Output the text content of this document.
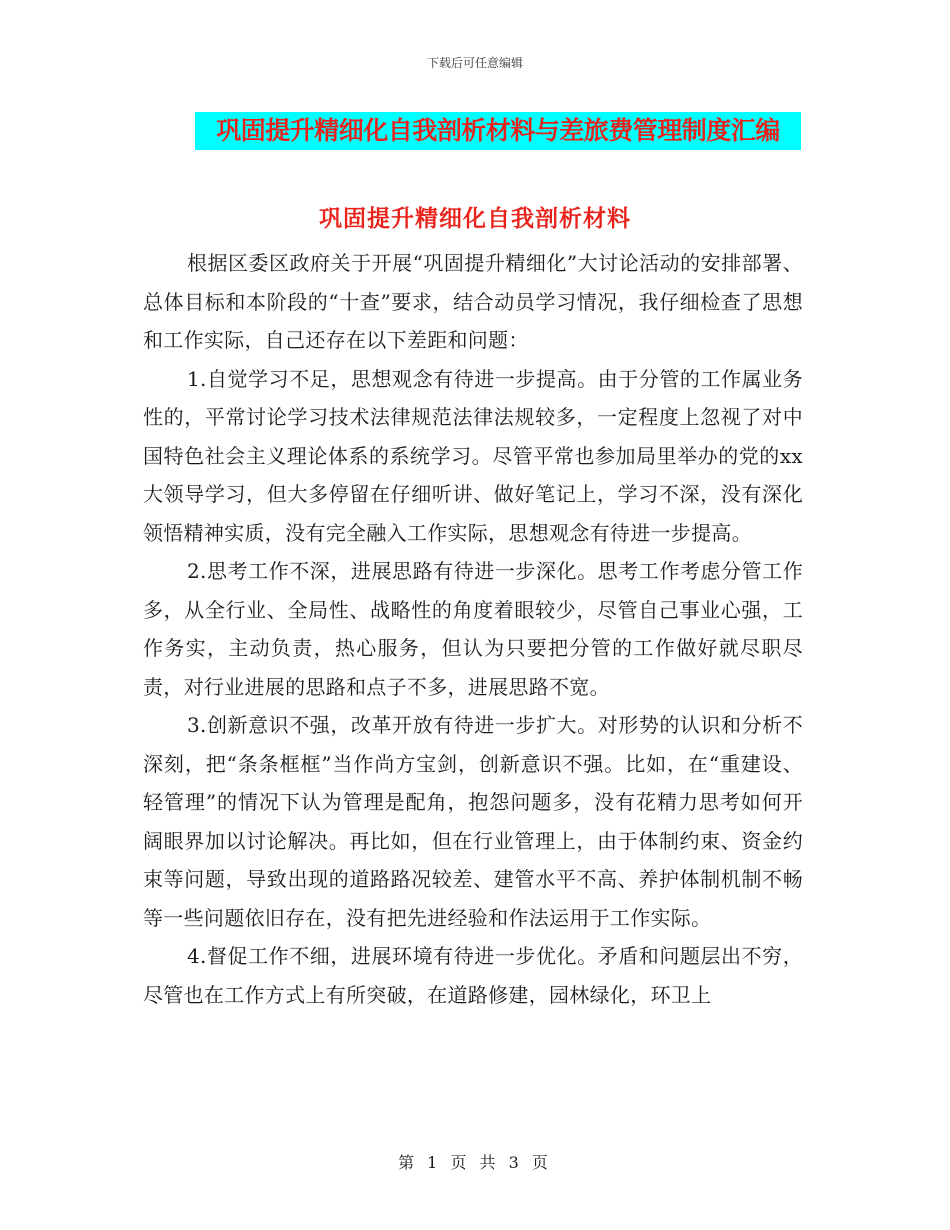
下载后可任意编辑
巩固提升精细化自我剖析材料与差旅费管理制度汇编
巩固提升精细化自我剖析材料

根据区委区政府关于开展“巩固提升精细化”大讨论活动的安排部署、总体目标和本阶段的“十查”要求，结合动员学习情况，我仔细检查了思想和工作实际，自己还存在以下差距和问题：

1.自觉学习不足，思想观念有待进一步提高。由于分管的工作属业务性的，平常讨论学习技术法律规范法律法规较多，一定程度上忽视了对中国特色社会主义理论体系的系统学习。尽管平常也参加局里举办的党的xx大领导学习，但大多停留在仔细听讲、做好笔记上，学习不深，没有深化领悟精神实质，没有完全融入工作实际，思想观念有待进一步提高。

2.思考工作不深，进展思路有待进一步深化。思考工作考虑分管工作多，从全行业、全局性、战略性的角度着眼较少，尽管自己事业心强，工作务实，主动负责，热心服务，但认为只要把分管的工作做好就尽职尽责，对行业进展的思路和点子不多，进展思路不宽。

3.创新意识不强，改革开放有待进一步扩大。对形势的认识和分析不深刻，把“条条框框”当作尚方宝剑，创新意识不强。比如，在“重建设、轻管理”的情况下认为管理是配角，抱怨问题多，没有花精力思考如何开阔眼界加以讨论解决。再比如，但在行业管理上，由于体制约束、资金约束等问题，导致出现的道路路况较差、建管水平不高、养护体制机制不畅等一些问题依旧存在，没有把先进经验和作法运用于工作实际。

4.督促工作不细，进展环境有待进一步优化。矛盾和问题层出不穷，尽管也在工作方式上有所突破，在道路修建，园林绿化，环卫上

第 1 页 共 3 页
